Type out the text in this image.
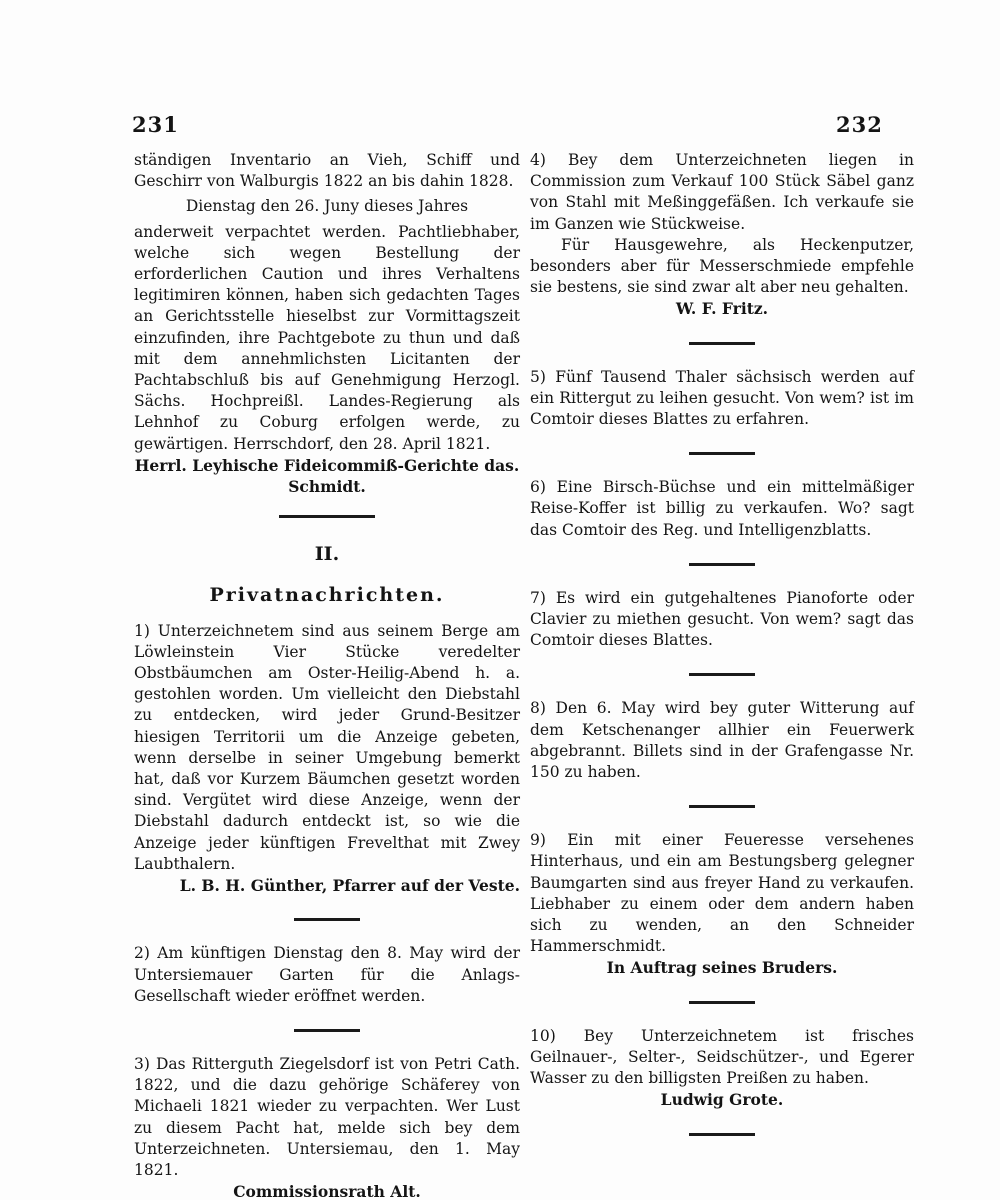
231	232

ständigen Inventario an Vieh, Schiff und Geschirr von Walburgis 1822 an bis dahin 1828.

Dienstag den 26. Juny dieses Jahres

anderweit verpachtet werden. Pachtliebhaber, welche sich wegen Bestellung der erforderlichen Caution und ihres Verhaltens legitimiren können, haben sich gedachten Tages an Gerichtsstelle hieselbst zur Vormittagszeit einzufinden, ihre Pachtgebote zu thun und daß mit dem annehmlichsten Licitanten der Pachtabschluß bis auf Genehmigung Herzogl. Sächs. Hochpreißl. Landes-Regierung als Lehnhof zu Coburg erfolgen werde, zu gewärtigen. Herrschdorf, den 28. April 1821.

Herrl. Leyhische Fideicommiß-Gerichte das. Schmidt.

II.
Privatnachrichten.

1) Unterzeichnetem sind aus seinem Berge am Löwleinstein Vier Stücke veredelter Obstbäumchen am Oster-Heilig-Abend h. a. gestohlen worden. Um vielleicht den Diebstahl zu entdecken, wird jeder Grund-Besitzer hiesigen Territorii um die Anzeige gebeten, wenn derselbe in seiner Umgebung bemerkt hat, daß vor Kurzem Bäumchen gesetzt worden sind. Vergütet wird diese Anzeige, wenn der Diebstahl dadurch entdeckt ist, so wie die Anzeige jeder künftigen Frevelthat mit Zwey Laubthalern.

L. B. H. Günther, Pfarrer auf der Veste.

2) Am künftigen Dienstag den 8. May wird der Untersiemauer Garten für die Anlags-Gesellschaft wieder eröffnet werden.

3) Das Ritterguth Ziegelsdorf ist von Petri Cath. 1822, und die dazu gehörige Schäferey von Michaeli 1821 wieder zu verpachten. Wer Lust zu diesem Pacht hat, melde sich bey dem Unterzeichneten. Untersiemau, den 1. May 1821.

Commissionsrath Alt.

4) Bey dem Unterzeichneten liegen in Commission zum Verkauf 100 Stück Säbel ganz von Stahl mit Meßinggefäßen. Ich verkaufe sie im Ganzen wie Stückweise.

Für Hausgewehre, als Heckenputzer, besonders aber für Messerschmiede empfehle sie bestens, sie sind zwar alt aber neu gehalten.

W. F. Fritz.

5) Fünf Tausend Thaler sächsisch werden auf ein Rittergut zu leihen gesucht. Von wem? ist im Comtoir dieses Blattes zu erfahren.

6) Eine Birsch-Büchse und ein mittelmäßiger Reise-Koffer ist billig zu verkaufen. Wo? sagt das Comtoir des Reg. und Intelligenzblatts.

7) Es wird ein gutgehaltenes Pianoforte oder Clavier zu miethen gesucht. Von wem? sagt das Comtoir dieses Blattes.

8) Den 6. May wird bey guter Witterung auf dem Ketschenanger allhier ein Feuerwerk abgebrannt. Billets sind in der Grafengasse Nr. 150 zu haben.

9) Ein mit einer Feueresse versehenes Hinterhaus, und ein am Bestungsberg gelegner Baumgarten sind aus freyer Hand zu verkaufen. Liebhaber zu einem oder dem andern haben sich zu wenden, an den Schneider Hammerschmidt.

In Auftrag seines Bruders.

10) Bey Unterzeichnetem ist frisches Geilnauer-, Selter-, Seidschützer-, und Egerer Wasser zu den billigsten Preißen zu haben.

Ludwig Grote.
